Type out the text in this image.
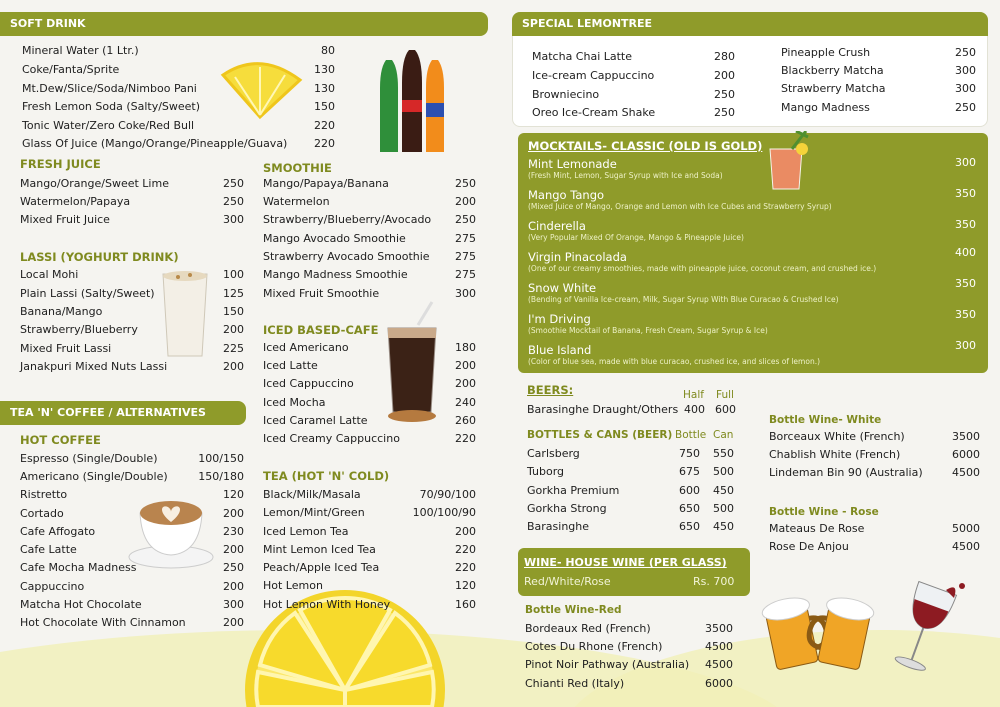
SOFT DRINK
Mineral Water (1 Ltr.)	80
Coke/Fanta/Sprite	130
Mt.Dew/Slice/Soda/Nimboo Pani	130
Fresh Lemon Soda (Salty/Sweet)	150
Tonic Water/Zero Coke/Red Bull	220
Glass Of Juice (Mango/Orange/Pineapple/Guava) 220
FRESH JUICE
Mango/Orange/Sweet Lime	250
Watermelon/Papaya	250
Mixed Fruit Juice	300
SMOOTHIE
Mango/Papaya/Banana	250
Watermelon	200
Strawberry/Blueberry/Avocado 250
Mango Avocado Smoothie	275
Strawberry Avocado Smoothie 275
Mango Madness Smoothie	275
Mixed Fruit Smoothie	300
LASSI (YOGHURT DRINK)
Local Mohi	100
Plain Lassi (Salty/Sweet)	125
Banana/Mango	150
Strawberry/Blueberry	200
Mixed Fruit Lassi	225
Janakpuri Mixed Nuts Lassi	200
ICED BASED-CAFE
Iced Americano	180
Iced Latte	200
Iced Cappuccino	200
Iced Mocha	240
Iced Caramel Latte	260
Iced Creamy Cappuccino	220
TEA 'N' COFFEE / ALTERNATIVES
HOT COFFEE
Espresso (Single/Double)	100/150
Americano (Single/Double)	150/180
Ristretto	120
Cortado	200
Cafe Affogato	230
Cafe Latte	200
Cafe Mocha Madness	250
Cappuccino	200
Matcha Hot Chocolate	300
Hot Chocolate With Cinnamon	200
TEA (HOT 'N' COLD)
Black/Milk/Masala	70/90/100
Lemon/Mint/Green	100/100/90
Iced Lemon Tea	200
Mint Lemon Iced Tea	220
Peach/Apple Iced Tea	220
Hot Lemon	120
Hot Lemon With Honey	160
SPECIAL LEMONTREE
Matcha Chai Latte	280
Ice-cream Cappuccino	200
Browniecino	250
Oreo Ice-Cream Shake	250
Pineapple Crush	250
Blackberry Matcha	300
Strawberry Matcha	300
Mango Madness	250
MOCKTAILS- CLASSIC (OLD IS GOLD)
Mint Lemonade
(Fresh Mint, Lemon, Sugar Syrup with Ice and Soda)
300
Mango Tango
(Mixed Juice of Mango, Orange and Lemon with Ice Cubes and Strawberry Syrup)
350
Cinderella
(Very Popular Mixed Of Orange, Mango & Pineapple Juice)
350
Virgin Pinacolada
(One of our creamy smoothies, made with pineapple juice, coconut cream, and crushed ice.)
400
Snow White
(Bending of Vanilla Ice-cream, Milk, Sugar Syrup With Blue Curacao & Crushed Ice)
350
I'm Driving
(Smoothie Mocktail of Banana, Fresh Cream, Sugar Syrup & Ice)
350
Blue Island
(Color of blue sea, made with blue curacao, crushed ice, and slices of lemon.)
300
BEERS:	Half Full
Barasinghe Draught/Others 400 600
BOTTLES & CANS (BEER) Bottle Can
Carlsberg	750 550
Tuborg	675 500
Gorkha Premium	600 450
Gorkha Strong	650 500
Barasinghe	650 450
WINE- HOUSE WINE (PER GLASS)
Red/White/Rose	Rs. 700
Bottle Wine-Red
Bordeaux Red (French)	3500
Cotes Du Rhone (French)	4500
Pinot Noir Pathway (Australia) 4500
Chianti Red (Italy)	6000
Bottle Wine- White
Borceaux White (French)	3500
Chablish White (French)	6000
Lindeman Bin 90 (Australia)	4500
Bottle Wine - Rose
Mateaus De Rose	5000
Rose De Anjou	4500
